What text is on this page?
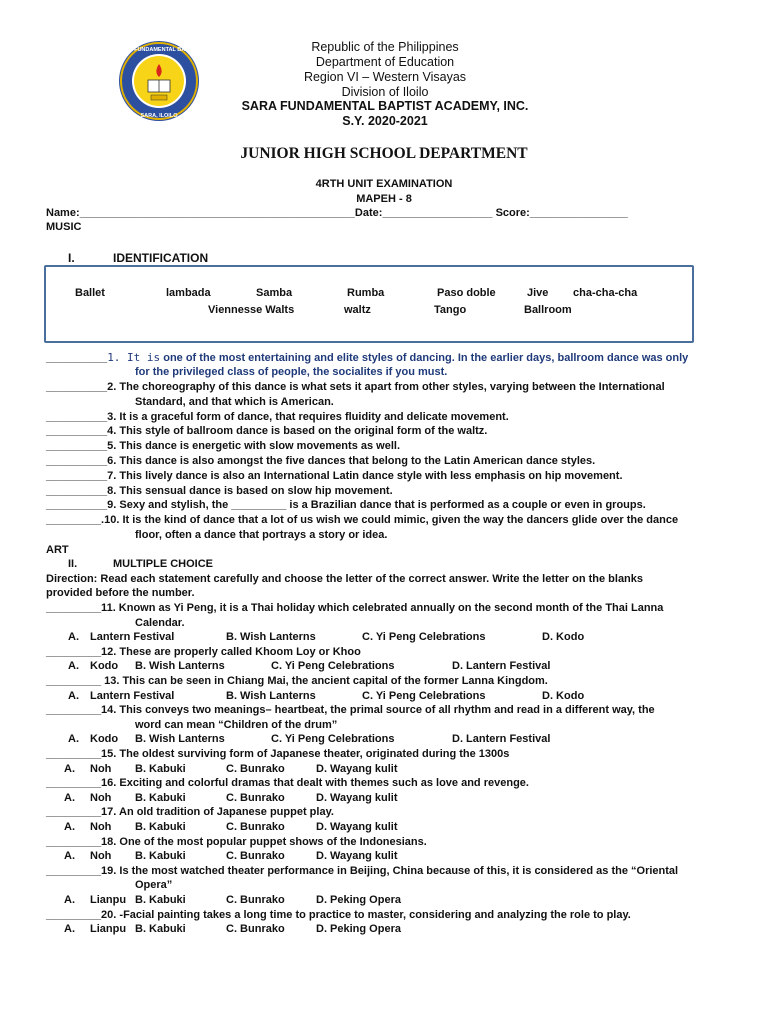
SARA FUNDAMENTAL BAPTIST
SARA, ILOILO
Republic of the Philippines
Department of Education
Region VI – Western Visayas
Division of Iloilo
SARA FUNDAMENTAL BAPTIST ACADEMY, INC.
S.Y. 2020-2021
JUNIOR HIGH SCHOOL DEPARTMENT
4RTH UNIT EXAMINATION
MAPEH - 8
Name:_____________________________________________Date:__________________ Score:________________
MUSIC
I.	IDENTIFICATION
Ballet	lambada	Samba	Rumba	Paso doble	Jive cha-cha-cha
Viennesse Walts	waltz	Tango	Ballroom
__________1. It is one of the most entertaining and elite styles of dancing. In the earlier days, ballroom dance was only
for the privileged class of people, the socialites if you must.
__________2. The choreography of this dance is what sets it apart from other styles, varying between the International
Standard, and that which is American.
__________3. It is a graceful form of dance, that requires fluidity and delicate movement.
__________4. This style of ballroom dance is based on the original form of the waltz.
__________5. This dance is energetic with slow movements as well.
__________6. This dance is also amongst the five dances that belong to the Latin American dance styles.
__________7. This lively dance is also an International Latin dance style with less emphasis on hip movement.
__________8. This sensual dance is based on slow hip movement.
__________9. Sexy and stylish, the _________ is a Brazilian dance that is performed as a couple or even in groups.
_________.10. It is the kind of dance that a lot of us wish we could mimic, given the way the dancers glide over the dance
floor, often a dance that portrays a story or idea.
ART
II.	MULTIPLE CHOICE
Direction: Read each statement carefully and choose the letter of the correct answer. Write the letter on the blanks
provided before the number.
_________11. Known as Yi Peng, it is a Thai holiday which celebrated annually on the second month of the Thai Lanna
Calendar.
A. Lantern Festival	B. Wish Lanterns	C. Yi Peng Celebrations	D. Kodo
_________12. These are properly called Khoom Loy or Khoo
A. Kodo B. Wish Lanterns	C. Yi Peng Celebrations	D. Lantern Festival
_________ 13. This can be seen in Chiang Mai, the ancient capital of the former Lanna Kingdom.
A. Lantern Festival	B. Wish Lanterns	C. Yi Peng Celebrations	D. Kodo
_________14. This conveys two meanings– heartbeat, the primal source of all rhythm and read in a different way, the
word can mean “Children of the drum”
A. Kodo B. Wish Lanterns	C. Yi Peng Celebrations	D. Lantern Festival
_________15. The oldest surviving form of Japanese theater, originated during the 1300s
A. Noh B. Kabuki	C. Bunrako	D. Wayang kulit
_________16. Exciting and colorful dramas that dealt with themes such as love and revenge.
A. Noh B. Kabuki	C. Bunrako	D. Wayang kulit
_________17. An old tradition of Japanese puppet play.
A. Noh B. Kabuki	C. Bunrako	D. Wayang kulit
_________18. One of the most popular puppet shows of the Indonesians.
A. Noh B. Kabuki	C. Bunrako	D. Wayang kulit
_________19. Is the most watched theater performance in Beijing, China because of this, it is considered as the “Oriental
Opera”
A. Lianpu B. Kabuki	C. Bunrako	D. Peking Opera
_________20. -Facial painting takes a long time to practice to master, considering and analyzing the role to play.
A. Lianpu B. Kabuki	C. Bunrako	D. Peking Opera
